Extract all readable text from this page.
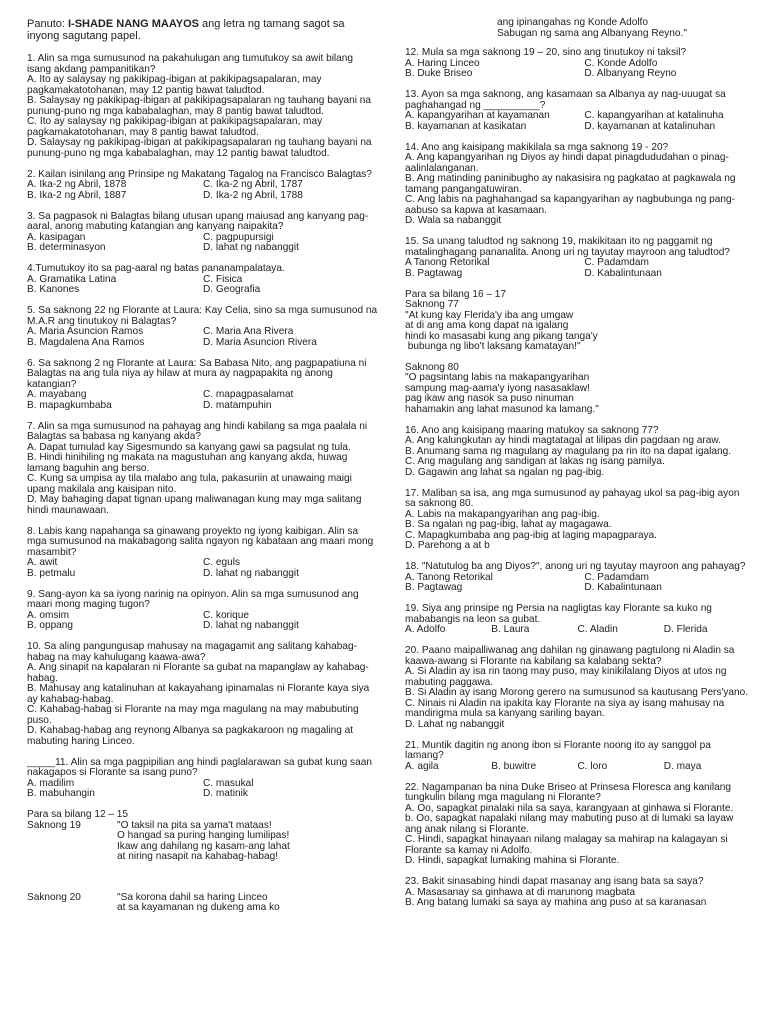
Panuto: I-SHADE NANG MAAYOS ang letra ng tamang sagot sa inyong sagutang papel.
1. Alin sa mga sumusunod na pakahulugan ang tumutukoy sa awit bilang isang akdang pampanitikan?
A. Ito ay salaysay ng pakikipag-ibigan at pakikipagsapalaran, may pagkamakatotohanan, may 12 pantig bawat taludtod.
B. Salaysay ng pakikipag-ibigan at pakikipagsapalaran ng tauhang bayani na punung-puno ng mga kababalaghan, may 8 pantig bawat taludtod.
C. Ito ay salaysay ng pakikipag-ibigan at pakikipagsapalaran, may pagkamakatotohanan, may 8 pantig bawat taludtod.
D. Salaysay ng pakikipag-ibigan at pakikipagsapalaran ng tauhang bayani na punung-puno ng mga kababalaghan, may 12 pantig bawat taludtod.
2. Kailan isinilang ang Prinsipe ng Makatang Tagalog na Francisco Balagtas?
A. Ika-2 ng Abril, 1878	C. Ika-2 ng Abril, 1787
B. Ika-2 ng Abril, 1887	D. Ika-2 ng Abril, 1788
3. Sa pagpasok ni Balagtas bilang utusan upang maiusad ang kanyang pag-aaral, anong mabuting katangian ang kanyang naipakita?
A. kasipagan	C. pagpupursigi
B. determinasyon	D. lahat ng nabanggit
4.Tumutukoy ito sa pag-aaral ng batas pananampalataya.
A. Gramatika Latina	C. Fisica
B. Kanones	D. Geografia
5. Sa saknong 22 ng Florante at Laura: Kay Celia, sino sa mga sumusunod na M.A.R ang tinutukoy ni Balagtas?
A. Maria Asuncion Ramos	C. Maria Ana Rivera
B. Magdalena Ana Ramos	D. Maria Asuncion Rivera
6. Sa saknong 2 ng Florante at Laura: Sa Babasa Nito, ang pagpapatiuna ni Balagtas na ang tula niya ay hilaw at mura ay nagpapakita ng anong katangian?
A. mayabang	C. mapagpasalamat
B. mapagkumbaba	D. matampuhin
7. Alin sa mga sumusunod na pahayag ang hindi kabilang sa mga paalala ni Balagtas sa babasa ng kanyang akda?
A. Dapat tumulad kay Sigesmundo sa kanyang gawi sa pagsulat ng tula.
B. Hindi hinihiling ng makata na magustuhan ang kanyang akda, huwag lamang baguhin ang berso.
C. Kung sa umpisa ay tila malabo ang tula, pakasuriin at unawaing maigi upang makilala ang kaisipan nito.
D. May bahaging dapat tignan upang maliwanagan kung may mga salitang hindi maunawaan.
8. Labis kang napahanga sa ginawang proyekto ng iyong kaibigan. Alin sa mga sumusunod na makabagong salita ngayon ng kabataan ang maari mong masambit?
A. awit	C. eguls
B. petmalu	D. lahat ng nabanggit
9. Sang-ayon ka sa iyong narinig na opinyon. Alin sa mga sumusunod ang maari mong maging tugon?
A. omsim	C. korique
B. oppang	D. lahat ng nabanggit
10. Sa aling pangungusap mahusay na magagamit ang salitang kahabag-habag na may kahulugang kaawa-awa?
A. Ang sinapit na kapalaran ni Florante sa gubat na mapanglaw ay kahabag-habag.
B. Mahusay ang katalinuhan at kakayahang ipinamalas ni Florante kaya siya ay kahabag-habag.
C. Kahabag-habag si Florante na may mga magulang na may mabubuting puso.
D. Kahabag-habag ang reynong Albanya sa pagkakaroon ng magaling at mabuting haring Linceo.
_____11. Alin sa mga pagpipilian ang hindi paglalarawan sa gubat kung saan nakagapos si Florante sa isang puno?
A. madilim	C. masukal
B. mabuhangin	D. matinik
Para sa bilang 12 – 15
Saknong 19	"O taksil na pita sa yama't mataas!
O hangad sa puring hanging lumilipas!
Ikaw ang dahilang ng kasam-ang lahat
at niring nasapit na kahabag-habag!
Saknong 20	"Sa korona dahil sa haring Linceo
at sa kayamanan ng dukeng ama ko
ang ipinangahas ng Konde Adolfo
Sabugan ng sama ang Albanyang Reyno."
12. Mula sa mga saknong 19 – 20, sino ang tinutukoy ni taksil?
A. Haring Linceo	C. Konde Adolfo
B. Duke Briseo	D. Albanyang Reyno
13. Ayon sa mga saknong, ang kasamaan sa Albanya ay nag-uuugat sa paghahangad ng __________?
A. kapangyarihan at kayamanan	C. kapangyarihan at katalinuha
B. kayamanan at kasikatan	D. kayamanan at katalinuhan
14. Ano ang kaisipang makikilala sa mga saknong 19 - 20?
A. Ang kapangyarihan ng Diyos ay hindi dapat pinagdududahan o pinag-aalinlalanganan.
B. Ang matinding paninibugho ay nakasisira ng pagkatao at pagkawala ng tamang pangangatuwiran.
C. Ang labis na paghahangad sa kapangyarihan ay nagbubunga ng pang-aabuso sa kapwa at kasamaan.
D. Wala sa nabanggit
15. Sa unang taludtod ng saknong 19, makikitaan ito ng paggamit ng matalinghagang pananalita. Anong uri ng tayutay mayroon ang taludtod?
A Tanong Retorikal	C. Padamdam
B. Pagtawag	D. Kabalintunaan
Para sa bilang 16 – 17
Saknong 77
"At kung kay Flerida'y iba ang umgaw
at di ang ama kong dapat na igalang
hindi ko masasabi kung ang pikang tanga'y
bubunga ng libo't laksang kamatayan!"
Saknong 80
"O pagsintang labis na makapangyarihan
sampung mag-aama'y iyong nasasaklaw!
pag ikaw ang nasok sa puso ninuman
hahamakin ang lahat masunod ka lamang."
16. Ano ang kaisipang maaring matukoy sa saknong 77?
A. Ang kalungkutan ay hindi magtatagal at lilipas din pagdaan ng araw.
B. Anumang sama ng magulang ay magulang pa rin ito na dapat igalang.
C. Ang magulang ang sandigan at lakas ng isang pamilya.
D. Gagawin ang lahat sa ngalan ng pag-ibig.
17. Maliban sa isa, ang mga sumusunod ay pahayag ukol sa pag-ibig ayon sa saknong 80.
A. Labis na makapangyarihan ang pag-ibig.
B. Sa ngalan ng pag-ibig, lahat ay magagawa.
C. Mapagkumbaba ang pag-ibig at laging mapagparaya.
D. Parehong a at b
18. "Natutulog ba ang Diyos?", anong uri ng tayutay mayroon ang pahayag?
A. Tanong Retorikal	C. Padamdam
B. Pagtawag	D. Kabalintunaan
19. Siya ang prinsipe ng Persia na nagligtas kay Florante sa kuko ng mababangis na leon sa gubat.
A. Adolfo	B. Laura	C. Aladin	D. Flerida
20. Paano maipalliwanag ang dahilan ng ginawang pagtulong ni Aladin sa kaawa-awang si Florante na kabilang sa kalabang sekta?
A. Si Aladin ay isa rin taong may puso, may kinikilalang Diyos at utos ng mabuting paggawa.
B. Si Aladin ay isang Morong gerero na sumusunod sa kautusang Pers'yano.
C. Ninais ni Aladin na ipakita kay Florante na siya ay isang mahusay na mandirigma mula sa kanyang sariling bayan.
D. Lahat ng nabanggit
21. Muntik dagitin ng anong ibon si Florante noong ito ay sanggol pa lamang?
A. agila	B. buwitre	C. loro	D. maya
22. Nagampanan ba nina Duke Briseo at Prinsesa Floresca ang kanilang tungkulin bilang mga magulang ni Florante?
A. Oo, sapagkat pinalaki nila sa saya, karangyaan at ginhawa si Florante.
b. Oo, sapagkat napalaki nilang may mabuting puso at di lumaki sa layaw ang anak nilang si Florante.
C. Hindi, sapagkat hinayaan nilang malagay sa mahirap na kalagayan si Florante sa kamay ni Adolfo.
D. Hindi, sapagkat lumaking mahina si Florante.
23. Bakit sinasabing hindi dapat masanay ang isang bata sa saya?
A. Masasanay sa ginhawa at di marunong magbata
B. Ang batang lumaki sa saya ay mahina ang puso at sa karanasan
